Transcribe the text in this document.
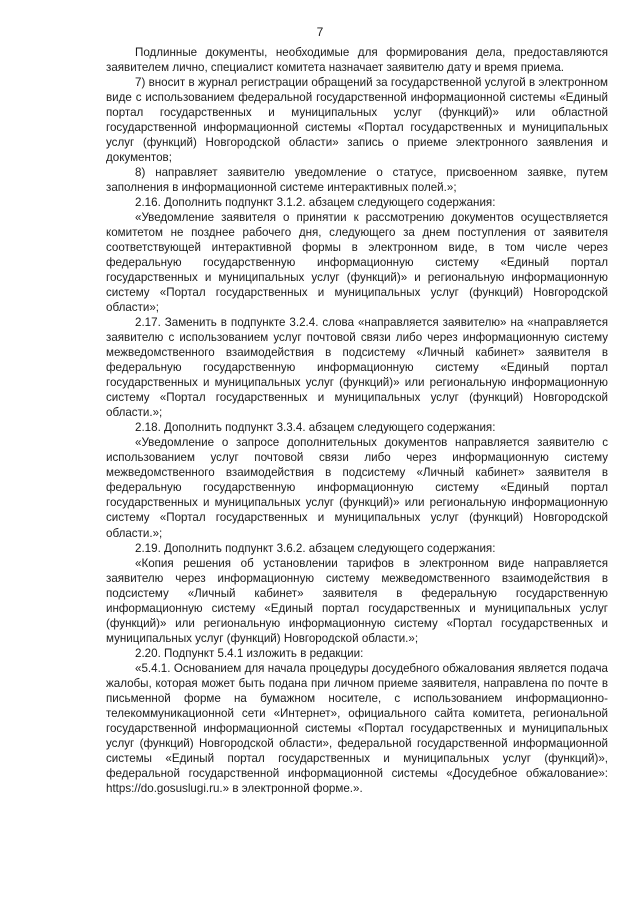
7

Подлинные документы, необходимые для формирования дела, предоставляются заявителем лично, специалист комитета назначает заявителю дату и время приема.

7) вносит в журнал регистрации обращений за государственной услугой в электронном виде с использованием федеральной государственной информационной системы «Единый портал государственных и муниципальных услуг (функций)» или областной государственной информационной системы «Портал государственных и муниципальных услуг (функций) Новгородской области» запись о приеме электронного заявления и документов;

8) направляет заявителю уведомление о статусе, присвоенном заявке, путем заполнения в информационной системе интерактивных полей.»;

2.16. Дополнить подпункт 3.1.2. абзацем следующего содержания:

«Уведомление заявителя о принятии к рассмотрению документов осуществляется комитетом не позднее рабочего дня, следующего за днем поступления от заявителя соответствующей интерактивной формы в электронном виде, в том числе через федеральную государственную информационную систему «Единый портал государственных и муниципальных услуг (функций)» и региональную информационную систему «Портал государственных и муниципальных услуг (функций) Новгородской области»;

2.17. Заменить в подпункте 3.2.4. слова «направляется заявителю» на «направляется заявителю с использованием услуг почтовой связи либо через информационную систему межведомственного взаимодействия в подсистему «Личный кабинет» заявителя в федеральную государственную информационную систему «Единый портал государственных и муниципальных услуг (функций)» или региональную информационную систему «Портал государственных и муниципальных услуг (функций) Новгородской области.»;

2.18. Дополнить подпункт 3.3.4. абзацем следующего содержания:

«Уведомление о запросе дополнительных документов направляется заявителю с использованием услуг почтовой связи либо через информационную систему межведомственного взаимодействия в подсистему «Личный кабинет» заявителя в федеральную государственную информационную систему «Единый портал государственных и муниципальных услуг (функций)» или региональную информационную систему «Портал государственных и муниципальных услуг (функций) Новгородской области.»;

2.19. Дополнить подпункт 3.6.2. абзацем следующего содержания:

«Копия решения об установлении тарифов в электронном виде направляется заявителю через информационную систему межведомственного взаимодействия в подсистему «Личный кабинет» заявителя в федеральную государственную информационную систему «Единый портал государственных и муниципальных услуг (функций)» или региональную информационную систему «Портал государственных и муниципальных услуг (функций) Новгородской области.»;

2.20. Подпункт 5.4.1 изложить в редакции:

«5.4.1. Основанием для начала процедуры досудебного обжалования является подача жалобы, которая может быть подана при личном приеме заявителя, направлена по почте в письменной форме на бумажном носителе, с использованием информационно-телекоммуникационной сети «Интернет», официального сайта комитета, региональной государственной информационной системы «Портал государственных и муниципальных услуг (функций) Новгородской области», федеральной государственной информационной системы «Единый портал государственных и муниципальных услуг (функций)», федеральной государственной информационной системы «Досудебное обжалование»: https://do.gosuslugi.ru.» в электронной форме.».
